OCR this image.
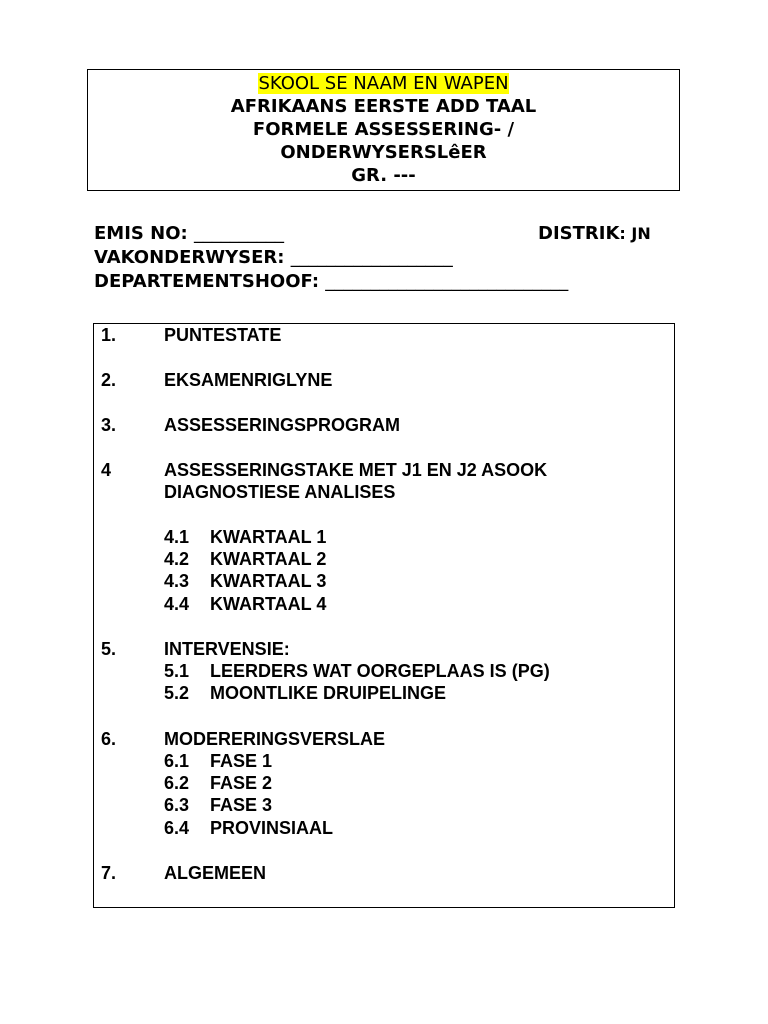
SKOOL SE NAAM EN WAPEN
AFRIKAANS EERSTE ADD TAAL
FORMELE ASSESSERING- /
ONDERWYSERSLêER
GR. ---
EMIS NO: __________	DISTRIK: JN
VAKONDERWYSER: __________________
DEPARTEMENTSHOOF: ___________________________
1.	PUNTESTATE
2.	EKSAMENRIGLYNE
3.	ASSESSERINGSPROGRAM
4	ASSESSERINGSTAKE MET J1 EN J2 ASOOK
DIAGNOSTIESE ANALISES
4.1 KWARTAAL 1
4.2 KWARTAAL 2
4.3 KWARTAAL 3
4.4 KWARTAAL 4
5.	INTERVENSIE:
5.1 LEERDERS WAT OORGEPLAAS IS (PG)
5.2 MOONTLIKE DRUIPELINGE
6.	MODERERINGSVERSLAE
6.1 FASE 1
6.2 FASE 2
6.3 FASE 3
6.4 PROVINSIAAL
7.	ALGEMEEN
